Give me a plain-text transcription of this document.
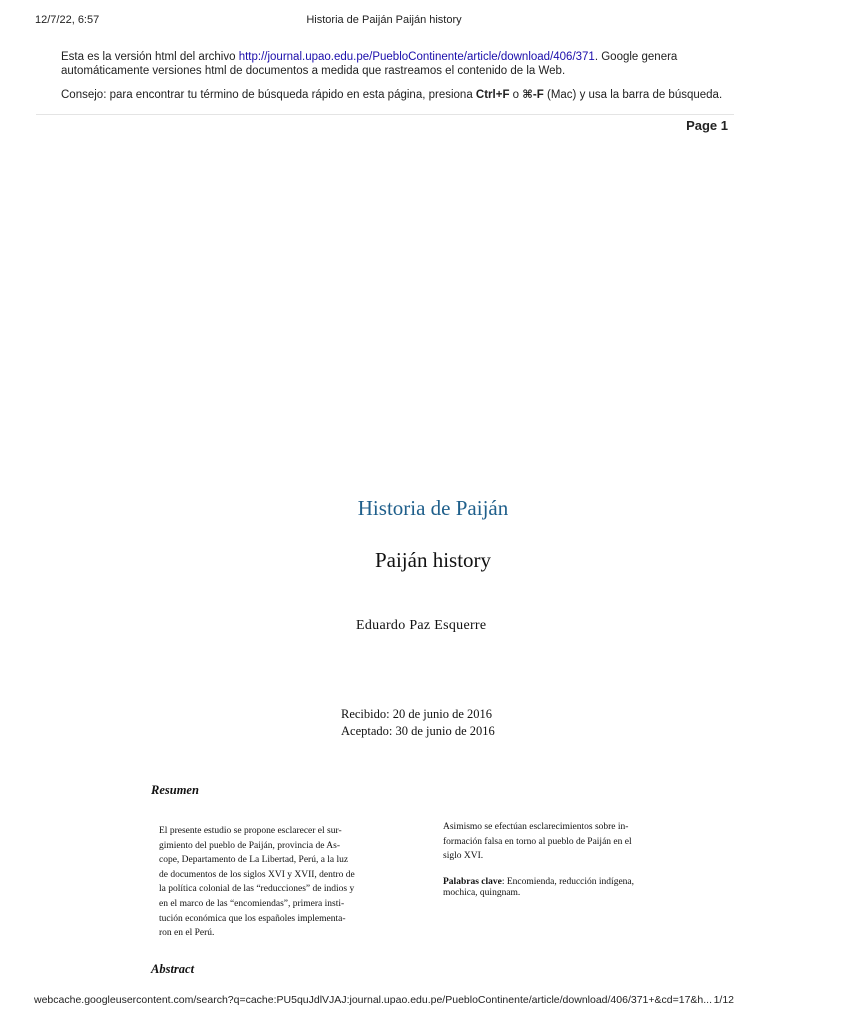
12/7/22, 6:57	Historia de Paiján Paiján history
Esta es la versión html del archivo http://journal.upao.edu.pe/PuebloContinente/article/download/406/371. Google genera automáticamente versiones html de documentos a medida que rastreamos el contenido de la Web.
Consejo: para encontrar tu término de búsqueda rápido en esta página, presiona Ctrl+F o ⌘-F (Mac) y usa la barra de búsqueda.
Page 1
Historia de Paiján
Paiján history
Eduardo Paz Esquerre
Recibido: 20 de junio de 2016
Aceptado: 30 de junio de 2016
Resumen
El presente estudio se propone esclarecer el sur-
gimiento del pueblo de Paiján, provincia de As-
cope, Departamento de La Libertad, Perú, a la luz
de documentos de los siglos XVI y XVII, dentro de
la política colonial de las “reducciones” de indios y
en el marco de las “encomiendas”, primera insti-
tución económica que los españoles implementa-
ron en el Perú.
Asimismo se efectúan esclarecimientos sobre in-
formación falsa en torno al pueblo de Paiján en el
siglo XVI.
Palabras clave: Encomienda, reducción indígena, mochica, quingnam.
Abstract
webcache.googleusercontent.com/search?q=cache:PU5quJdlVJAJ:journal.upao.edu.pe/PuebloContinente/article/download/406/371+&cd=17&h... 1/12
